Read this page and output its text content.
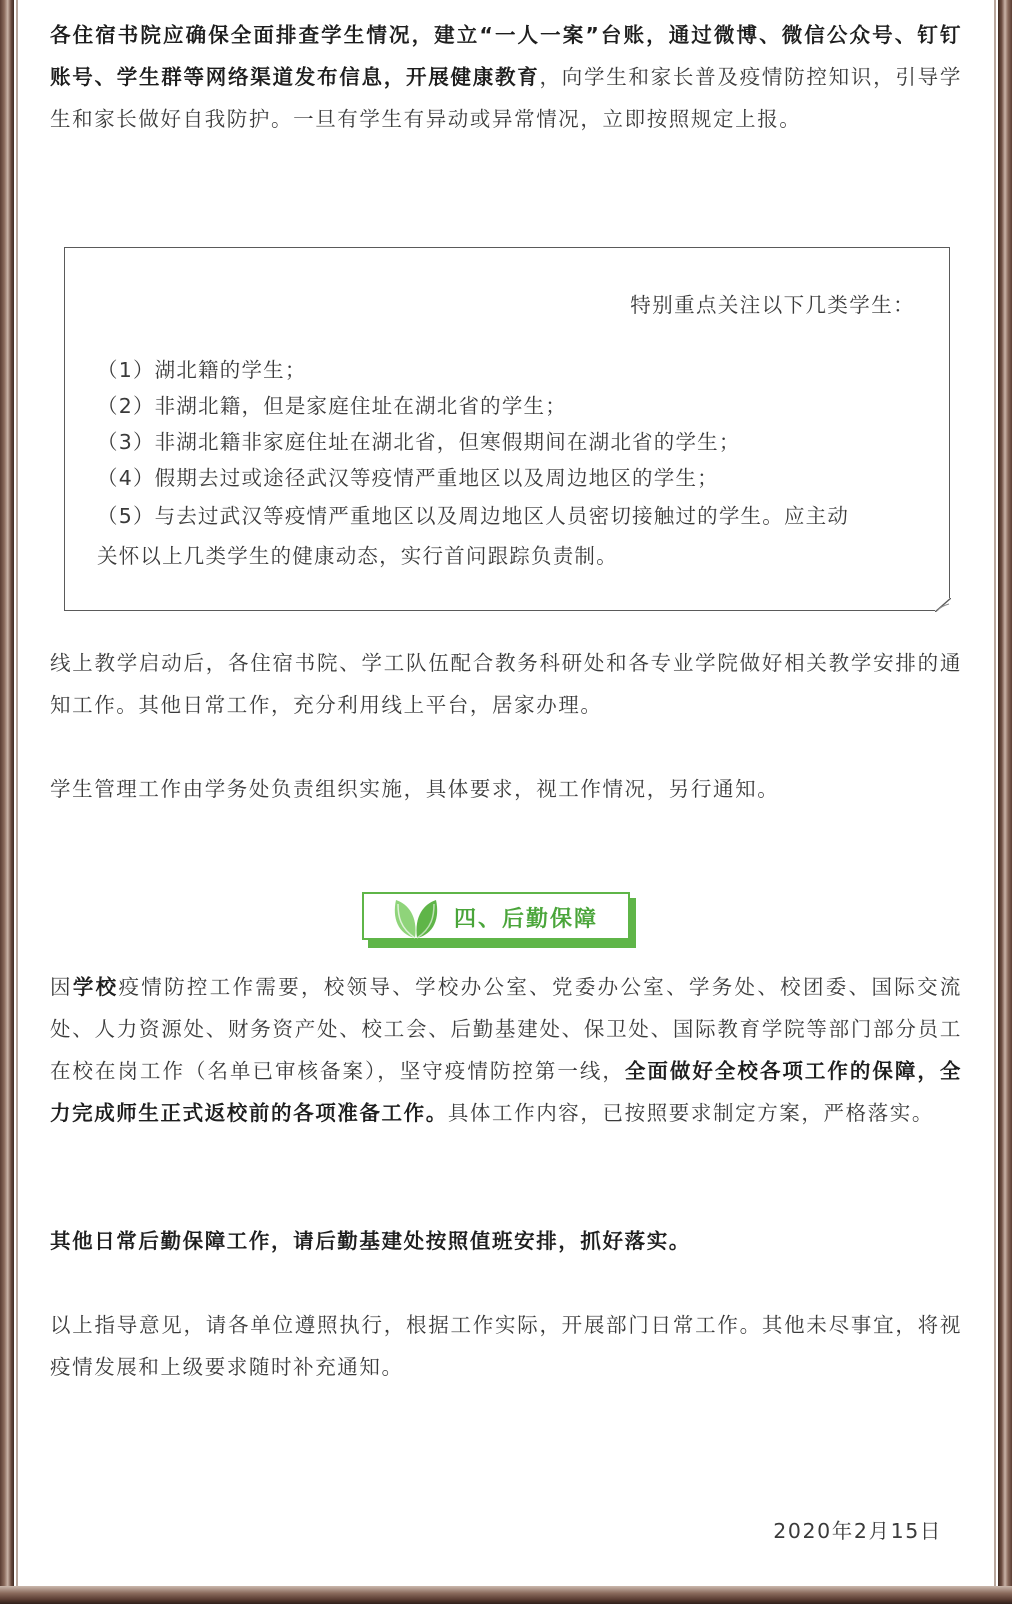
各住宿书院应确保全面排查学生情况，建立“一人一案”台账，通过微博、微信公众号、钉钉账号、学生群等网络渠道发布信息，开展健康教育，向学生和家长普及疫情防控知识，引导学生和家长做好自我防护。一旦有学生有异动或异常情况，立即按照规定上报。

线上教学启动后，各住宿书院、学工队伍配合教务科研处和各专业学院做好相关教学安排的通知工作。其他日常工作，充分利用线上平台，居家办理。

学生管理工作由学务处负责组织实施，具体要求，视工作情况，另行通知。

因学校疫情防控工作需要，校领导、学校办公室、党委办公室、学务处、校团委、国际交流处、人力资源处、财务资产处、校工会、后勤基建处、保卫处、国际教育学院等部门部分员工在校在岗工作（名单已审核备案），坚守疫情防控第一线，全面做好全校各项工作的保障，全力完成师生正式返校前的各项准备工作。具体工作内容，已按照要求制定方案，严格落实。

其他日常后勤保障工作，请后勤基建处按照值班安排，抓好落实。

以上指导意见，请各单位遵照执行，根据工作实际，开展部门日常工作。其他未尽事宜，将视疫情发展和上级要求随时补充通知。

特别重点关注以下几类学生：
（1）湖北籍的学生；
（2）非湖北籍，但是家庭住址在湖北省的学生；
（3）非湖北籍非家庭住址在湖北省，但寒假期间在湖北省的学生；
（4）假期去过或途径武汉等疫情严重地区以及周边地区的学生；
（5）与去过武汉等疫情严重地区以及周边地区人员密切接触过的学生。应主动
关怀以上几类学生的健康动态，实行首问跟踪负责制。
四、后勤保障
2020年2月15日
